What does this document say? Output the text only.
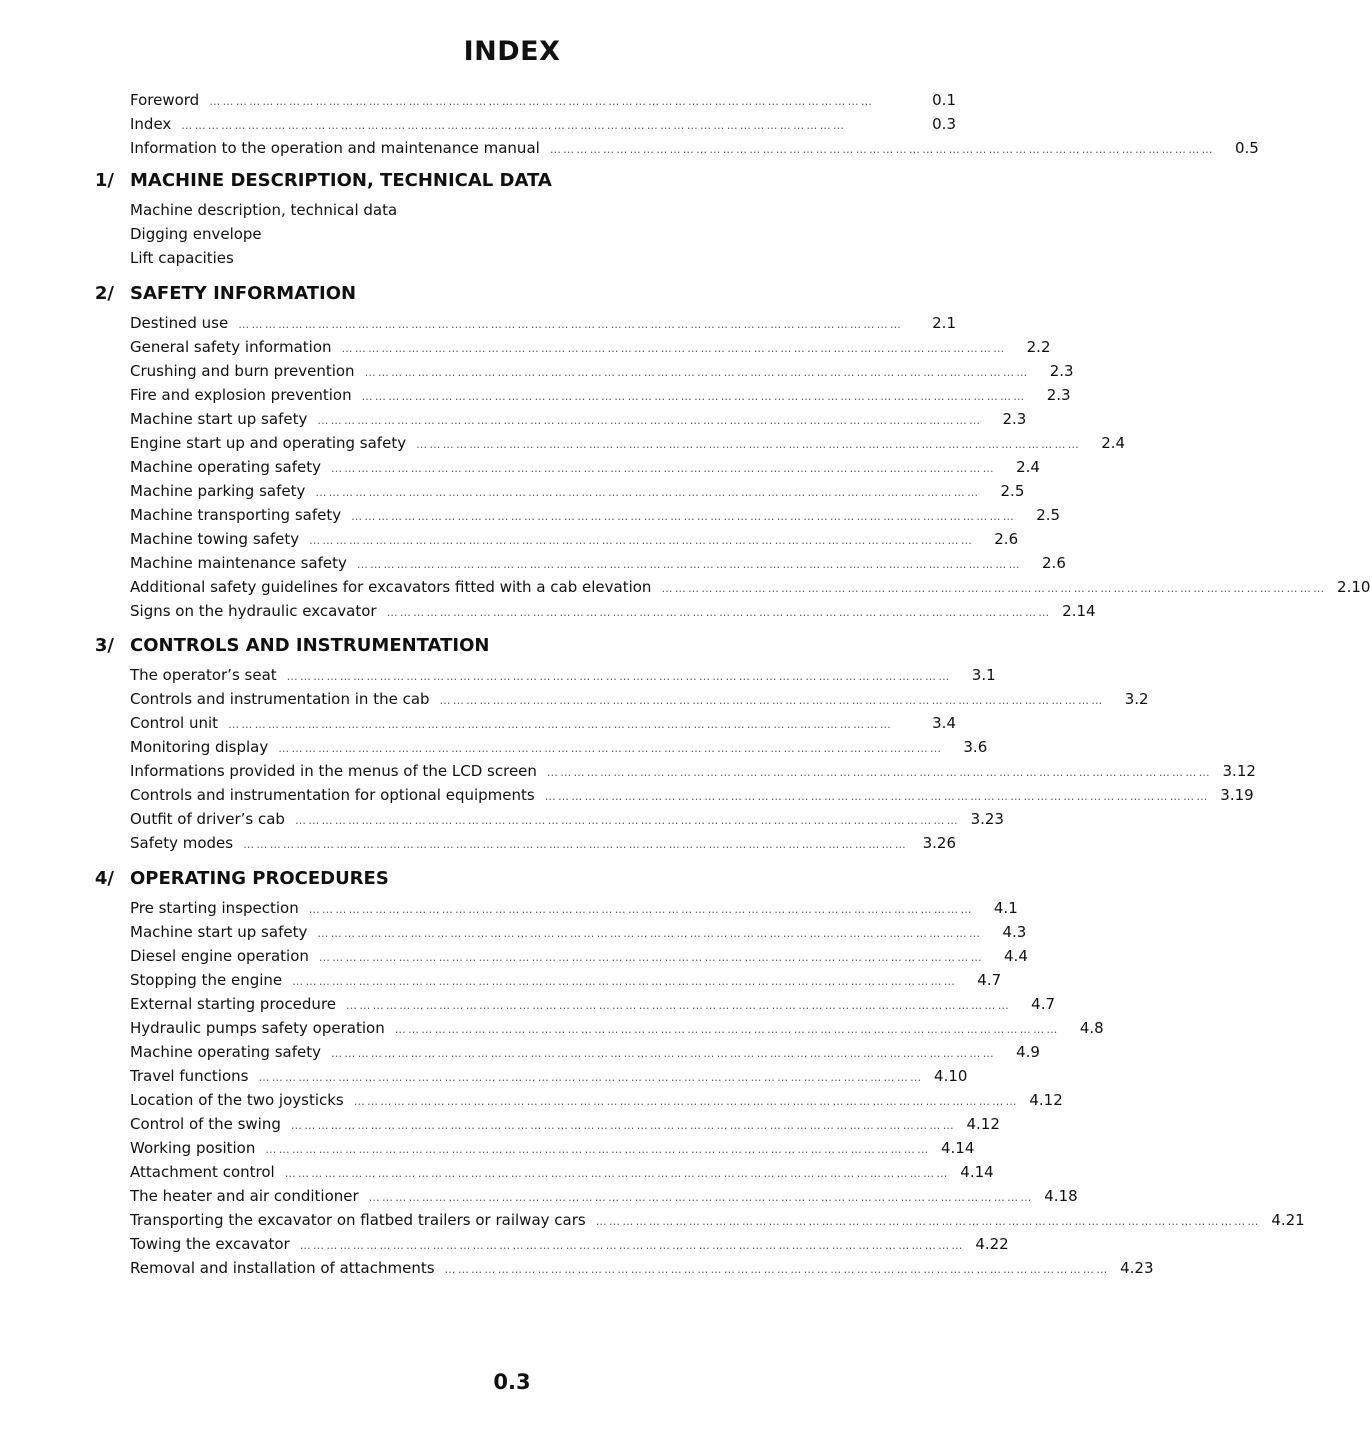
INDEX
Foreword ……………………………………………………………………………………………………………………………………	0.1
Index ……………………………………………………………………………………………………………………………………	0.3
Information to the operation and maintenance manual ……………………………………………………………………………………………………………………………………	0.5
1/ MACHINE DESCRIPTION, TECHNICAL DATA
Machine description, technical data
Digging envelope
Lift capacities
2/ SAFETY INFORMATION
Destined use ……………………………………………………………………………………………………………………………………	2.1
General safety information ……………………………………………………………………………………………………………………………………	2.2
Crushing and burn prevention ……………………………………………………………………………………………………………………………………	2.3
Fire and explosion prevention ……………………………………………………………………………………………………………………………………	2.3
Machine start up safety ……………………………………………………………………………………………………………………………………	2.3
Engine start up and operating safety ……………………………………………………………………………………………………………………………………	2.4
Machine operating safety ……………………………………………………………………………………………………………………………………	2.4
Machine parking safety ……………………………………………………………………………………………………………………………………	2.5
Machine transporting safety ……………………………………………………………………………………………………………………………………	2.5
Machine towing safety ……………………………………………………………………………………………………………………………………	2.6
Machine maintenance safety ……………………………………………………………………………………………………………………………………	2.6
Additional safety guidelines for excavators fitted with a cab elevation …………………………………………………………………………………………………………………………………… 2.10
Signs on the hydraulic excavator …………………………………………………………………………………………………………………………………… 2.14
3/ CONTROLS AND INSTRUMENTATION
The operator’s seat ……………………………………………………………………………………………………………………………………	3.1
Controls and instrumentation in the cab ……………………………………………………………………………………………………………………………………	3.2
Control unit ……………………………………………………………………………………………………………………………………	3.4
Monitoring display ……………………………………………………………………………………………………………………………………	3.6
Informations provided in the menus of the LCD screen …………………………………………………………………………………………………………………………………… 3.12
Controls and instrumentation for optional equipments …………………………………………………………………………………………………………………………………… 3.19
Outfit of driver’s cab …………………………………………………………………………………………………………………………………… 3.23
Safety modes …………………………………………………………………………………………………………………………………… 3.26
4/ OPERATING PROCEDURES
Pre starting inspection ……………………………………………………………………………………………………………………………………	4.1
Machine start up safety ……………………………………………………………………………………………………………………………………	4.3
Diesel engine operation ……………………………………………………………………………………………………………………………………	4.4
Stopping the engine ……………………………………………………………………………………………………………………………………	4.7
External starting procedure ……………………………………………………………………………………………………………………………………	4.7
Hydraulic pumps safety operation ……………………………………………………………………………………………………………………………………	4.8
Machine operating safety ……………………………………………………………………………………………………………………………………	4.9
Travel functions …………………………………………………………………………………………………………………………………… 4.10
Location of the two joysticks …………………………………………………………………………………………………………………………………… 4.12
Control of the swing …………………………………………………………………………………………………………………………………… 4.12
Working position …………………………………………………………………………………………………………………………………… 4.14
Attachment control …………………………………………………………………………………………………………………………………… 4.14
The heater and air conditioner …………………………………………………………………………………………………………………………………… 4.18
Transporting the excavator on flatbed trailers or railway cars …………………………………………………………………………………………………………………………………… 4.21
Towing the excavator …………………………………………………………………………………………………………………………………… 4.22
Removal and installation of attachments …………………………………………………………………………………………………………………………………… 4.23
0.3
